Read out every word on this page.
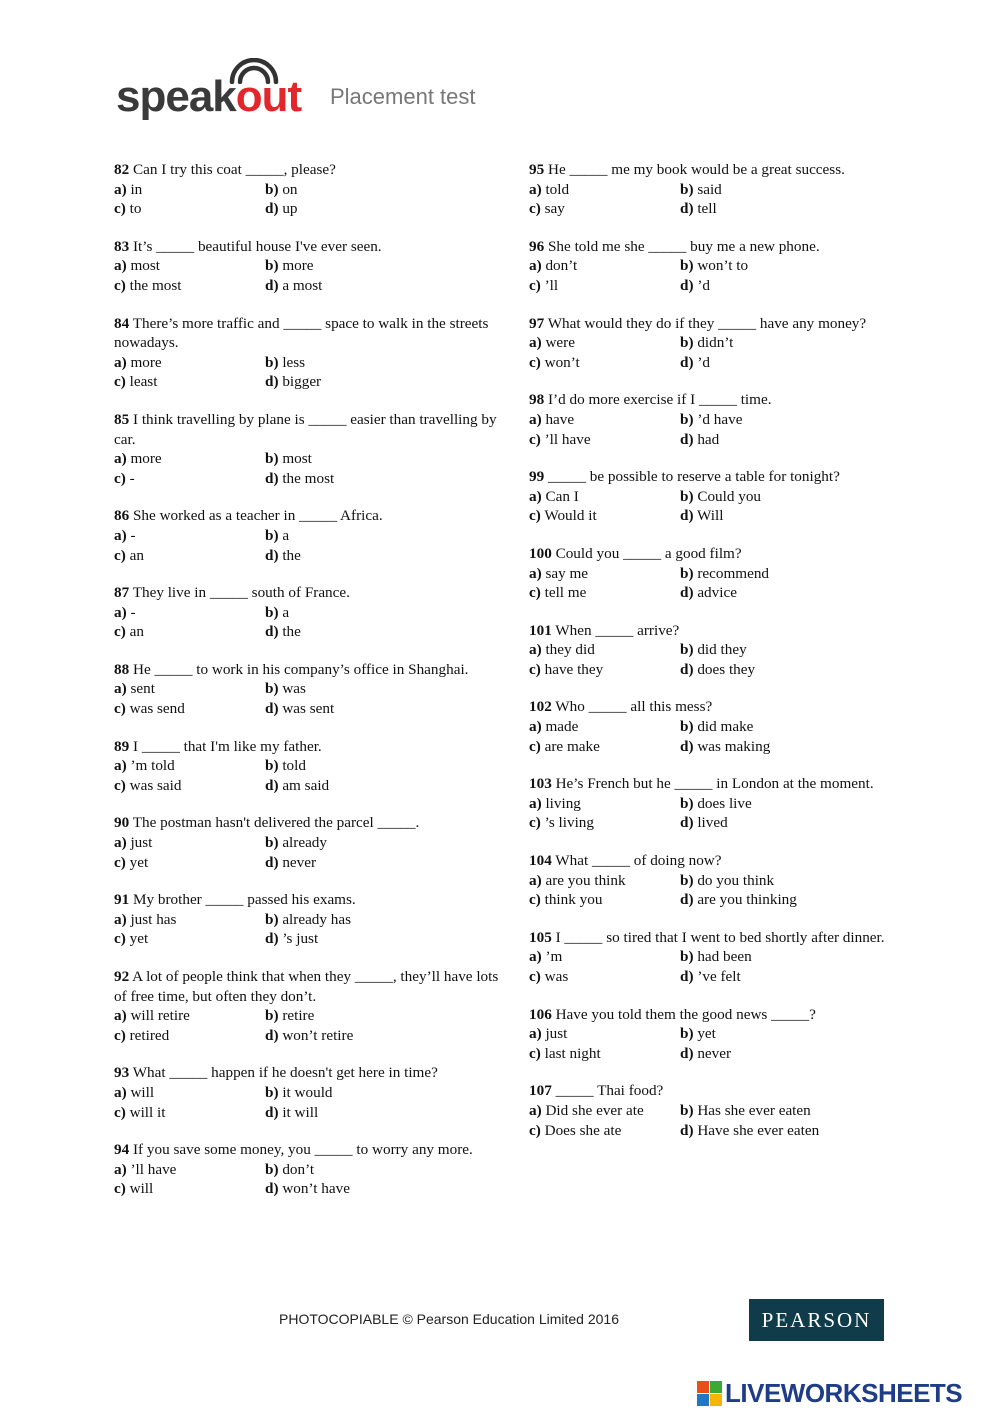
speakout Placement test
82 Can I try this coat _____, please?
a) in	b) on
c) to	d) up
83 It’s _____ beautiful house I've ever seen.
a) most	b) more
c) the most	d) a most
84 There’s more traffic and _____ space to walk in the streets nowadays.
a) more	b) less
c) least	d) bigger
85 I think travelling by plane is _____ easier than travelling by car.
a) more	b) most
c) -	d) the most
86 She worked as a teacher in _____ Africa.
a) -	b) a
c) an	d) the
87 They live in _____ south of France.
a) -	b) a
c) an	d) the
88 He _____ to work in his company’s office in Shanghai.
a) sent	b) was
c) was send	d) was sent
89 I _____ that I'm like my father.
a) ’m told	b) told
c) was said	d) am said
90 The postman hasn't delivered the parcel _____.
a) just	b) already
c) yet	d) never
91 My brother _____ passed his exams.
a) just has	b) already has
c) yet	d) ’s just
92 A lot of people think that when they _____, they’ll have lots of free time, but often they don’t.
a) will retire	b) retire
c) retired	d) won’t retire
93 What _____ happen if he doesn't get here in time?
a) will	b) it would
c) will it	d) it will
94 If you save some money, you _____ to worry any more.
a) ’ll have	b) don’t
c) will	d) won’t have
95 He _____ me my book would be a great success.
a) told	b) said
c) say	d) tell
96 She told me she _____ buy me a new phone.
a) don’t	b) won’t to
c) ’ll	d) ’d
97 What would they do if they _____ have any money?
a) were	b) didn’t
c) won’t	d) ’d
98 I’d do more exercise if I _____ time.
a) have	b) ’d have
c) ’ll have	d) had
99 _____ be possible to reserve a table for tonight?
a) Can I	b) Could you
c) Would it	d) Will
100 Could you _____ a good film?
a) say me	b) recommend
c) tell me	d) advice
101 When _____ arrive?
a) they did	b) did they
c) have they	d) does they
102 Who _____ all this mess?
a) made	b) did make
c) are make	d) was making
103 He’s French but he _____ in London at the moment.
a) living	b) does live
c) ’s living	d) lived
104 What _____ of doing now?
a) are you think	b) do you think
c) think you	d) are you thinking
105 I _____ so tired that I went to bed shortly after dinner.
a) ’m	b) had been
c) was	d) ’ve felt
106 Have you told them the good news _____?
a) just	b) yet
c) last night	d) never
107 _____ Thai food?
a) Did she ever ate	b) Has she ever eaten
c) Does she ate	d) Have she ever eaten
PHOTOCOPIABLE © Pearson Education Limited 2016	PEARSON
LIVEWORKSHEETS
